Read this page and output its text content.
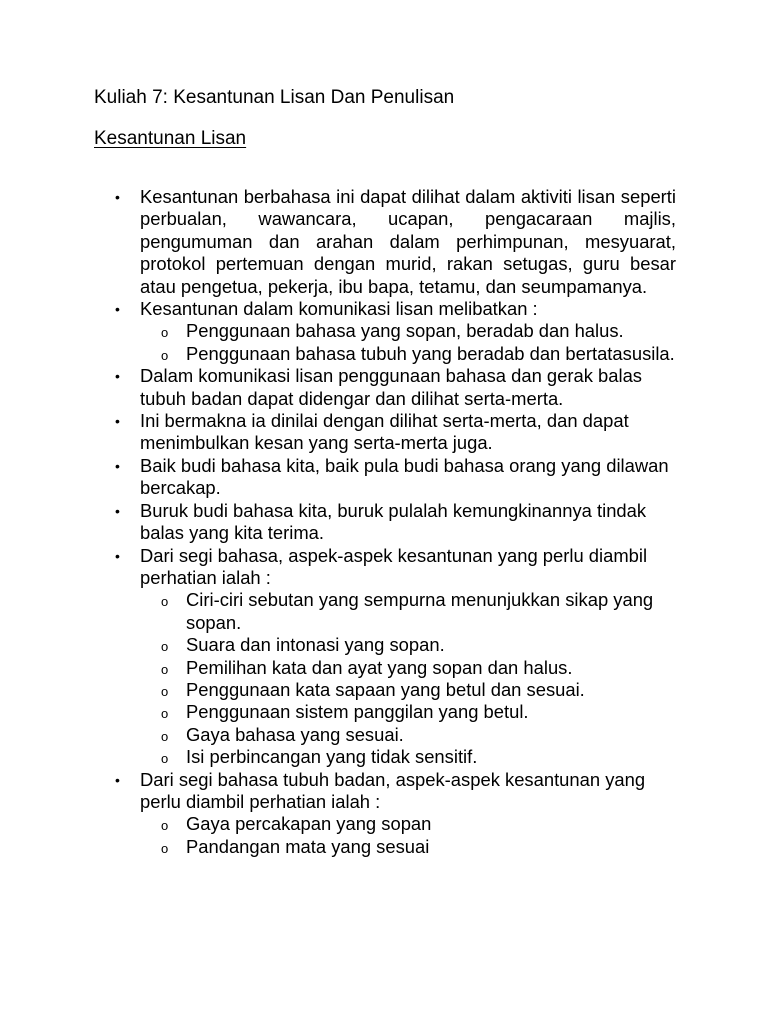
Kuliah 7: Kesantunan Lisan Dan Penulisan
Kesantunan Lisan
• Kesantunan berbahasa ini dapat dilihat dalam aktiviti lisan seperti perbualan, wawancara, ucapan, pengacaraan majlis, pengumuman dan arahan dalam perhimpunan, mesyuarat, protokol pertemuan dengan murid, rakan setugas, guru besar atau pengetua, pekerja, ibu bapa, tetamu, dan seumpamanya.
• Kesantunan dalam komunikasi lisan melibatkan :
o Penggunaan bahasa yang sopan, beradab dan halus.
o Penggunaan bahasa tubuh yang beradab dan bertatasusila.
• Dalam komunikasi lisan penggunaan bahasa dan gerak balas tubuh badan dapat didengar dan dilihat serta-merta.
• Ini bermakna ia dinilai dengan dilihat serta-merta, dan dapat menimbulkan kesan yang serta-merta juga.
• Baik budi bahasa kita, baik pula budi bahasa orang yang dilawan bercakap.
• Buruk budi bahasa kita, buruk pulalah kemungkinannya tindak balas yang kita terima.
• Dari segi bahasa, aspek-aspek kesantunan yang perlu diambil perhatian ialah :
o Ciri-ciri sebutan yang sempurna menunjukkan sikap yang sopan.
o Suara dan intonasi yang sopan.
o Pemilihan kata dan ayat yang sopan dan halus.
o Penggunaan kata sapaan yang betul dan sesuai.
o Penggunaan sistem panggilan yang betul.
o Gaya bahasa yang sesuai.
o Isi perbincangan yang tidak sensitif.
• Dari segi bahasa tubuh badan, aspek-aspek kesantunan yang perlu diambil perhatian ialah :
o Gaya percakapan yang sopan
o Pandangan mata yang sesuai
